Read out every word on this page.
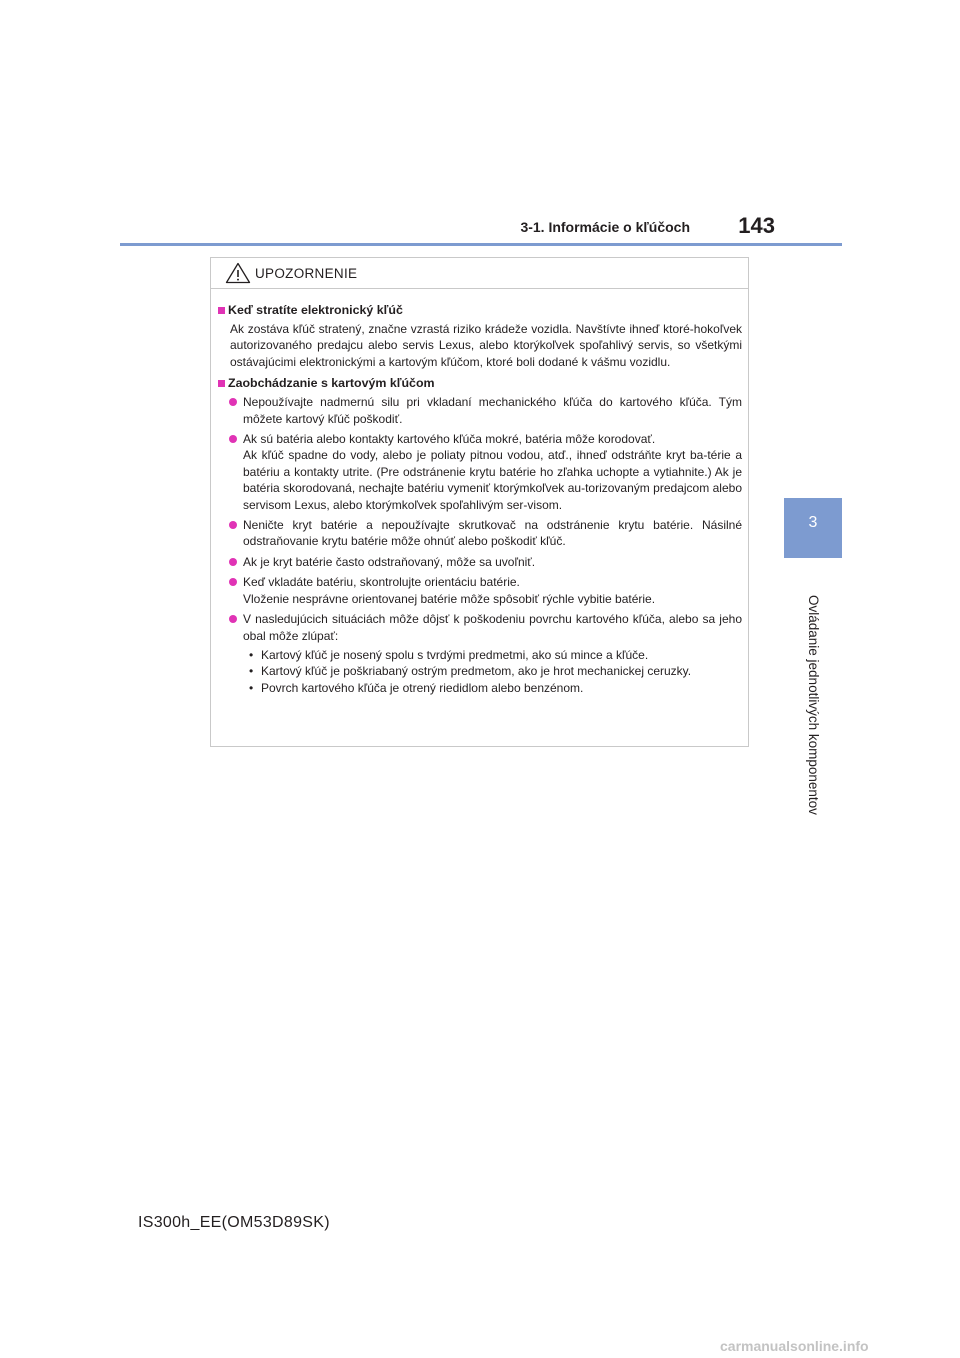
3-1. Informácie o kľúčoch	143
3
Ovládanie jednotlivých komponentov
UPOZORNENIE
Keď stratíte elektronický kľúč
Ak zostáva kľúč stratený, značne vzrastá riziko krádeže vozidla. Navštívte ihneď ktoré-hokoľvek autorizovaného predajcu alebo servis Lexus, alebo ktorýkoľvek spoľahlivý servis, so všetkými ostávajúcimi elektronickými a kartovým kľúčom, ktoré boli dodané k vášmu vozidlu.
Zaobchádzanie s kartovým kľúčom
Nepoužívajte nadmernú silu pri vkladaní mechanického kľúča do kartového kľúča. Tým môžete kartový kľúč poškodiť.
Ak sú batéria alebo kontakty kartového kľúča mokré, batéria môže korodovať.
Ak kľúč spadne do vody, alebo je poliaty pitnou vodou, atď., ihneď odstráňte kryt ba-térie a batériu a kontakty utrite. (Pre odstránenie krytu batérie ho zľahka uchopte a vytiahnite.) Ak je batéria skorodovaná, nechajte batériu vymeniť ktorýmkoľvek au-torizovaným predajcom alebo servisom Lexus, alebo ktorýmkoľvek spoľahlivým ser-visom.
Neničte kryt batérie a nepoužívajte skrutkovač na odstránenie krytu batérie. Násilné odstraňovanie krytu batérie môže ohnúť alebo poškodiť kľúč.
Ak je kryt batérie často odstraňovaný, môže sa uvoľniť.
Keď vkladáte batériu, skontrolujte orientáciu batérie.
Vloženie nesprávne orientovanej batérie môže spôsobiť rýchle vybitie batérie.
V nasledujúcich situáciách môže dôjsť k poškodeniu povrchu kartového kľúča, alebo sa jeho obal môže zlúpať:
• Kartový kľúč je nosený spolu s tvrdými predmetmi, ako sú mince a kľúče.
• Kartový kľúč je poškriabaný ostrým predmetom, ako je hrot mechanickej ceruzky.
• Povrch kartového kľúča je otrený riedidlom alebo benzénom.
IS300h_EE(OM53D89SK)
carmanualsonline.info
